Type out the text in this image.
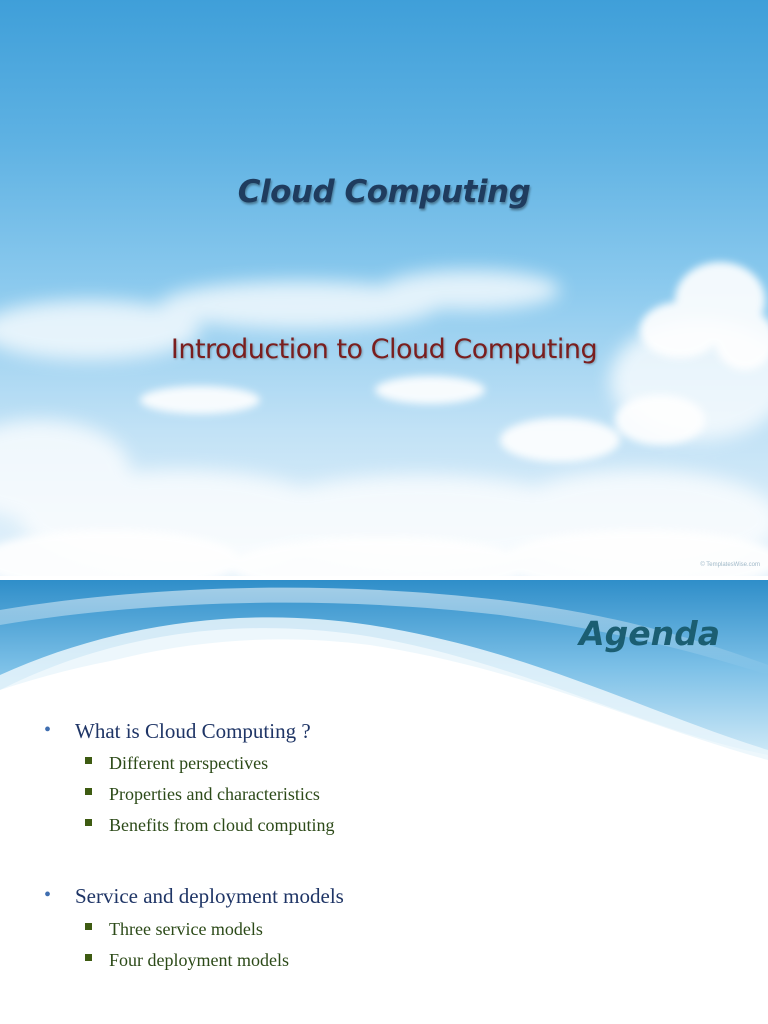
Cloud Computing
Introduction to Cloud Computing
© TemplatesWise.com
Agenda
• What is Cloud Computing ?
Different perspectives
Properties and characteristics
Benefits from cloud computing
• Service and deployment models
Three service models
Four deployment models
